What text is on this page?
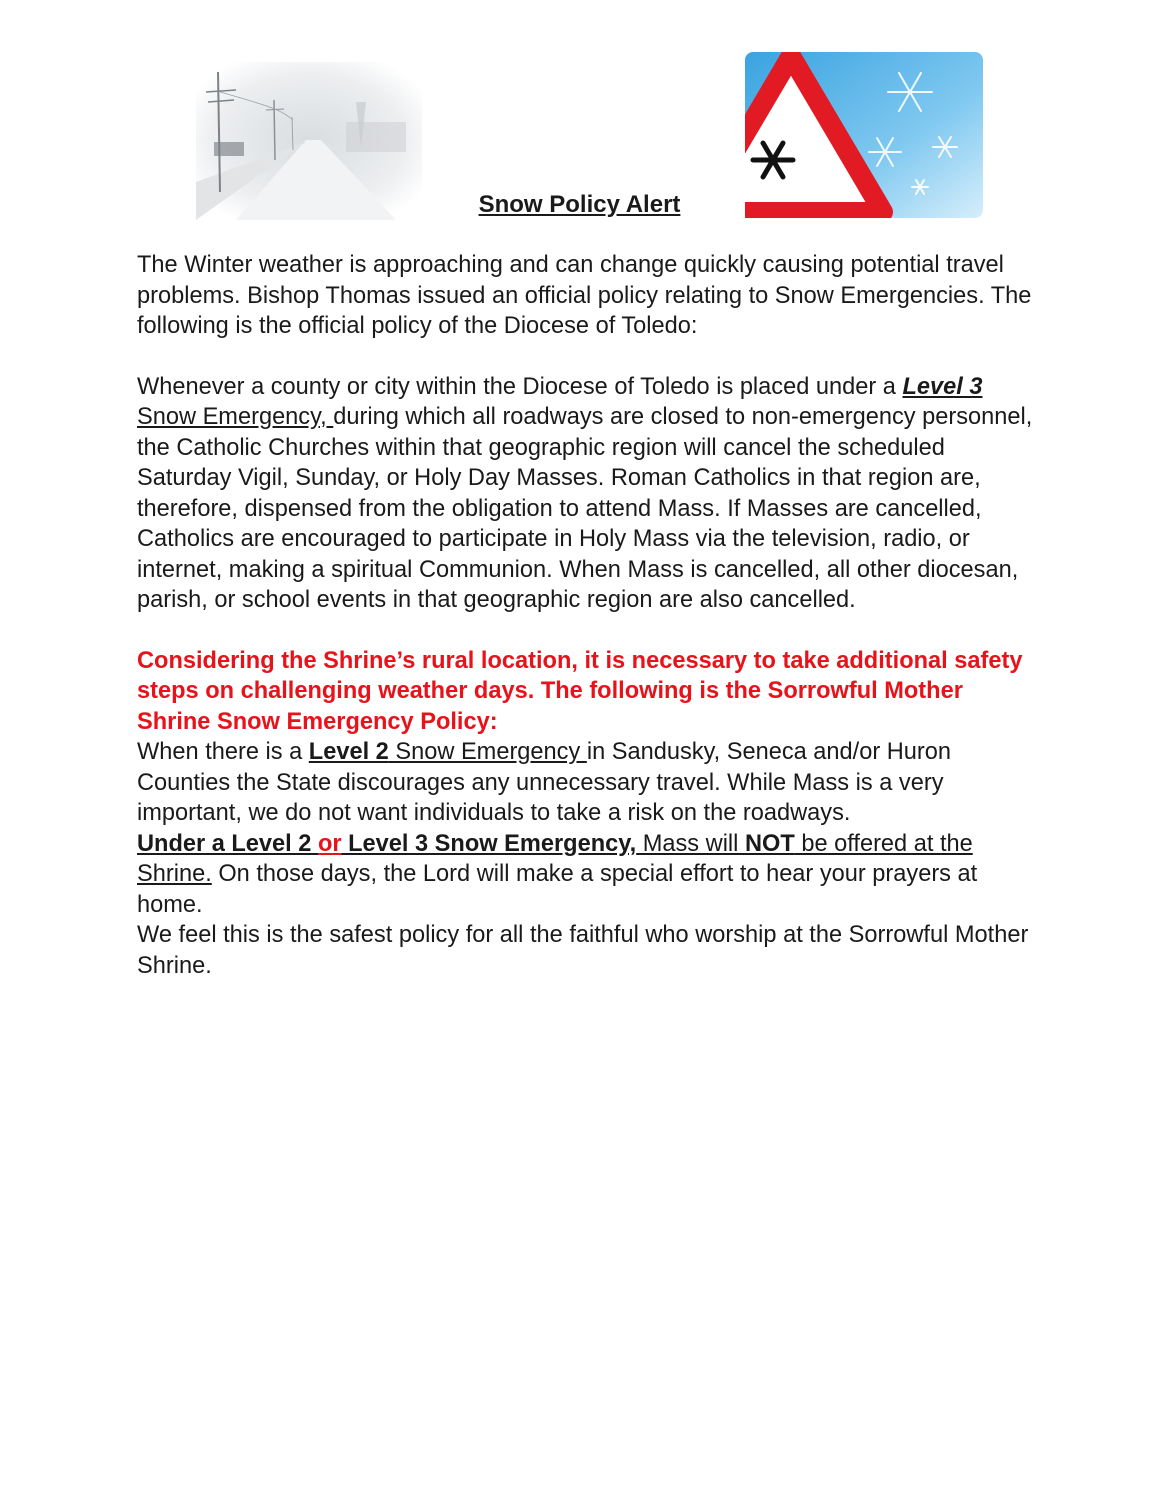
Snow Policy Alert

The Winter weather is approaching and can change quickly causing potential travel problems. Bishop Thomas issued an official policy relating to Snow Emergencies. The following is the official policy of the Diocese of Toledo:

Whenever a county or city within the Diocese of Toledo is placed under a Level 3 Snow Emergency, during which all roadways are closed to non-emergency personnel, the Catholic Churches within that geographic region will cancel the scheduled Saturday Vigil, Sunday, or Holy Day Masses. Roman Catholics in that region are, therefore, dispensed from the obligation to attend Mass. If Masses are cancelled, Catholics are encouraged to participate in Holy Mass via the television, radio, or internet, making a spiritual Communion. When Mass is cancelled, all other diocesan, parish, or school events in that geographic region are also cancelled.

Considering the Shrine’s rural location, it is necessary to take additional safety steps on challenging weather days. The following is the Sorrowful Mother Shrine Snow Emergency Policy:

When there is a Level 2 Snow Emergency in Sandusky, Seneca and/or Huron Counties the State discourages any unnecessary travel. While Mass is a very important, we do not want individuals to take a risk on the roadways.

Under a Level 2 or Level 3 Snow Emergency, Mass will NOT be offered at the Shrine. On those days, the Lord will make a special effort to hear your prayers at home.

We feel this is the safest policy for all the faithful who worship at the Sorrowful Mother Shrine.
